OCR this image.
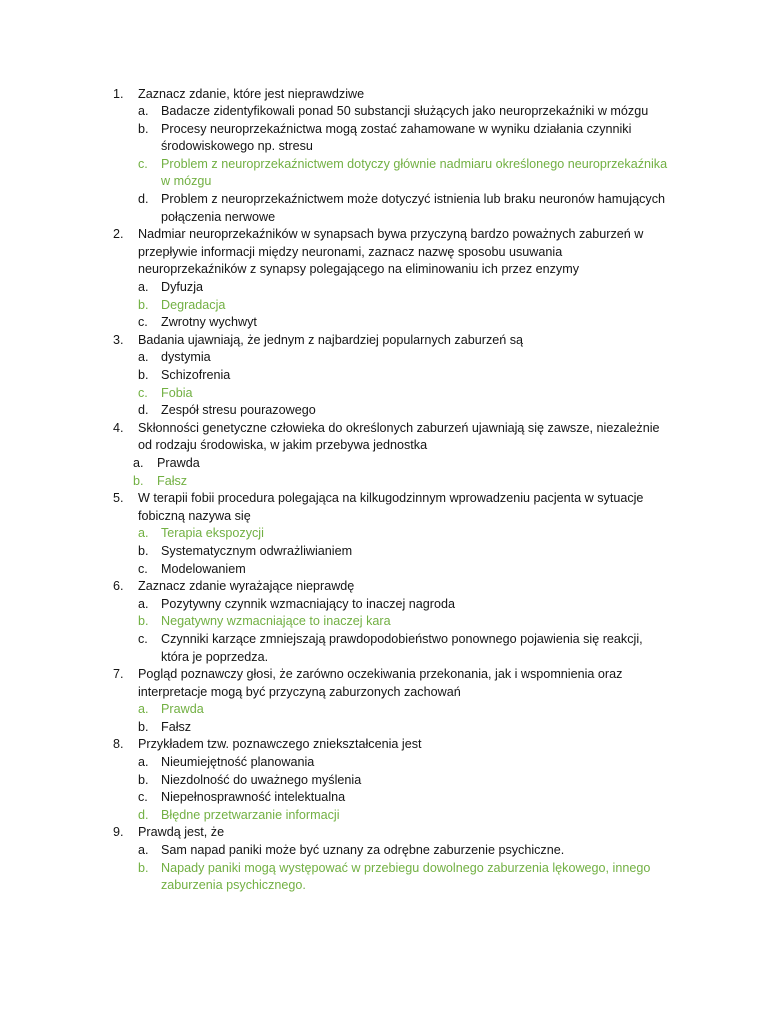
1. Zaznacz zdanie, które jest nieprawdziwe
a. Badacze zidentyfikowali ponad 50 substancji służących jako neuroprzekaźniki w mózgu
b. Procesy neuroprzekaźnictwa mogą zostać zahamowane w wyniku działania czynniki środowiskowego np. stresu
c. Problem z neuroprzekaźnictwem dotyczy głównie nadmiaru określonego neuroprzekaźnika w mózgu
d. Problem z neuroprzekaźnictwem może dotyczyć istnienia lub braku neuronów hamujących połączenia nerwowe
2. Nadmiar neuroprzekaźników w synapsach bywa przyczyną bardzo poważnych zaburzeń w przepływie informacji między neuronami, zaznacz nazwę sposobu usuwania neuroprzekaźników z synapsy polegającego na eliminowaniu ich przez enzymy
a. Dyfuzja
b. Degradacja
c. Zwrotny wychwyt
3. Badania ujawniają, że jednym z najbardziej popularnych zaburzeń są
a. dystymia
b. Schizofrenia
c. Fobia
d. Zespół stresu pourazowego
4. Skłonności genetyczne człowieka do określonych zaburzeń ujawniają się zawsze, niezależnie od rodzaju środowiska, w jakim przebywa jednostka
a. Prawda
b. Fałsz
5. W terapii fobii procedura polegająca na kilkugodzinnym wprowadzeniu pacjenta w sytuacje fobiczną nazywa się
a. Terapia ekspozycji
b. Systematycznym odwrażliwianiem
c. Modelowaniem
6. Zaznacz zdanie wyrażające nieprawdę
a. Pozytywny czynnik wzmacniający to inaczej nagroda
b. Negatywny wzmacniające to inaczej kara
c. Czynniki karzące zmniejszają prawdopodobieństwo ponownego pojawienia się reakcji, która je poprzedza.
7. Pogląd poznawczy głosi, że zarówno oczekiwania przekonania, jak i wspomnienia oraz interpretacje mogą być przyczyną zaburzonych zachowań
a. Prawda
b. Fałsz
8. Przykładem tzw. poznawczego zniekształcenia jest
a. Nieumiejętność planowania
b. Niezdolność do uważnego myślenia
c. Niepełnosprawność intelektualna
d. Błędne przetwarzanie informacji
9. Prawdą jest, że
a. Sam napad paniki może być uznany za odrębne zaburzenie psychiczne.
b. Napady paniki mogą występować w przebiegu dowolnego zaburzenia lękowego, innego zaburzenia psychicznego.
